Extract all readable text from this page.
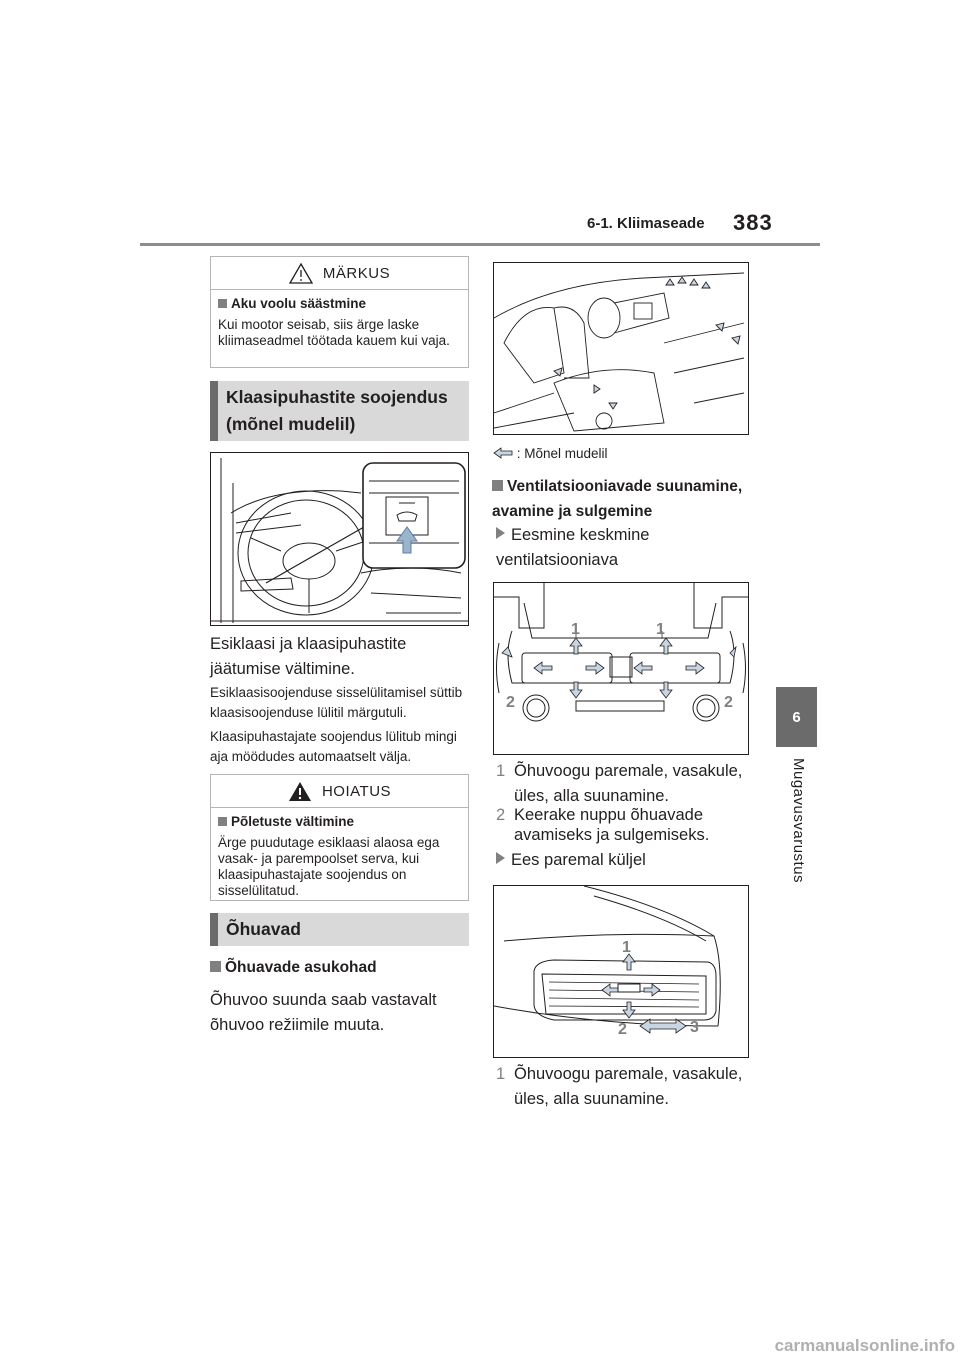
6-1. Kliimaseade 383
6
Mugavusvarustus
MÄRKUS
Aku voolu säästmine
Kui mootor seisab, siis ärge laske kliimaseadmel töötada kauem kui vaja.
Klaasipuhastite soojendus (mõnel mudelil)
Esiklaasi ja klaasipuhastite jäätumise vältimine.
Esiklaasisoojenduse sisselülitamisel süttib klaasisoojenduse lülitil märgutuli.
Klaasipuhastajate soojendus lülitub mingi aja möödudes automaatselt välja.
HOIATUS
Põletuste vältimine
Ärge puudutage esiklaasi alaosa ega vasak- ja parempoolset serva, kui klaasipuhastajate soojendus on sisselülitatud.
Õhuavad
Õhuavade asukohad
Õhuvoo suunda saab vastavalt õhuvoo režiimile muuta.
: Mõnel mudelil
Ventilatsiooniavade suunamine, avamine ja sulgemine
Eesmine keskmine ventilatsiooniava
1	1
2	2
1 Õhuvoogu paremale, vasakule, üles, alla suunamine.
2 Keerake nuppu õhuavade avamiseks ja sulgemiseks.
Ees paremal küljel
1
2	3
1 Õhuvoogu paremale, vasakule, üles, alla suunamine.
carmanualsonline.info
